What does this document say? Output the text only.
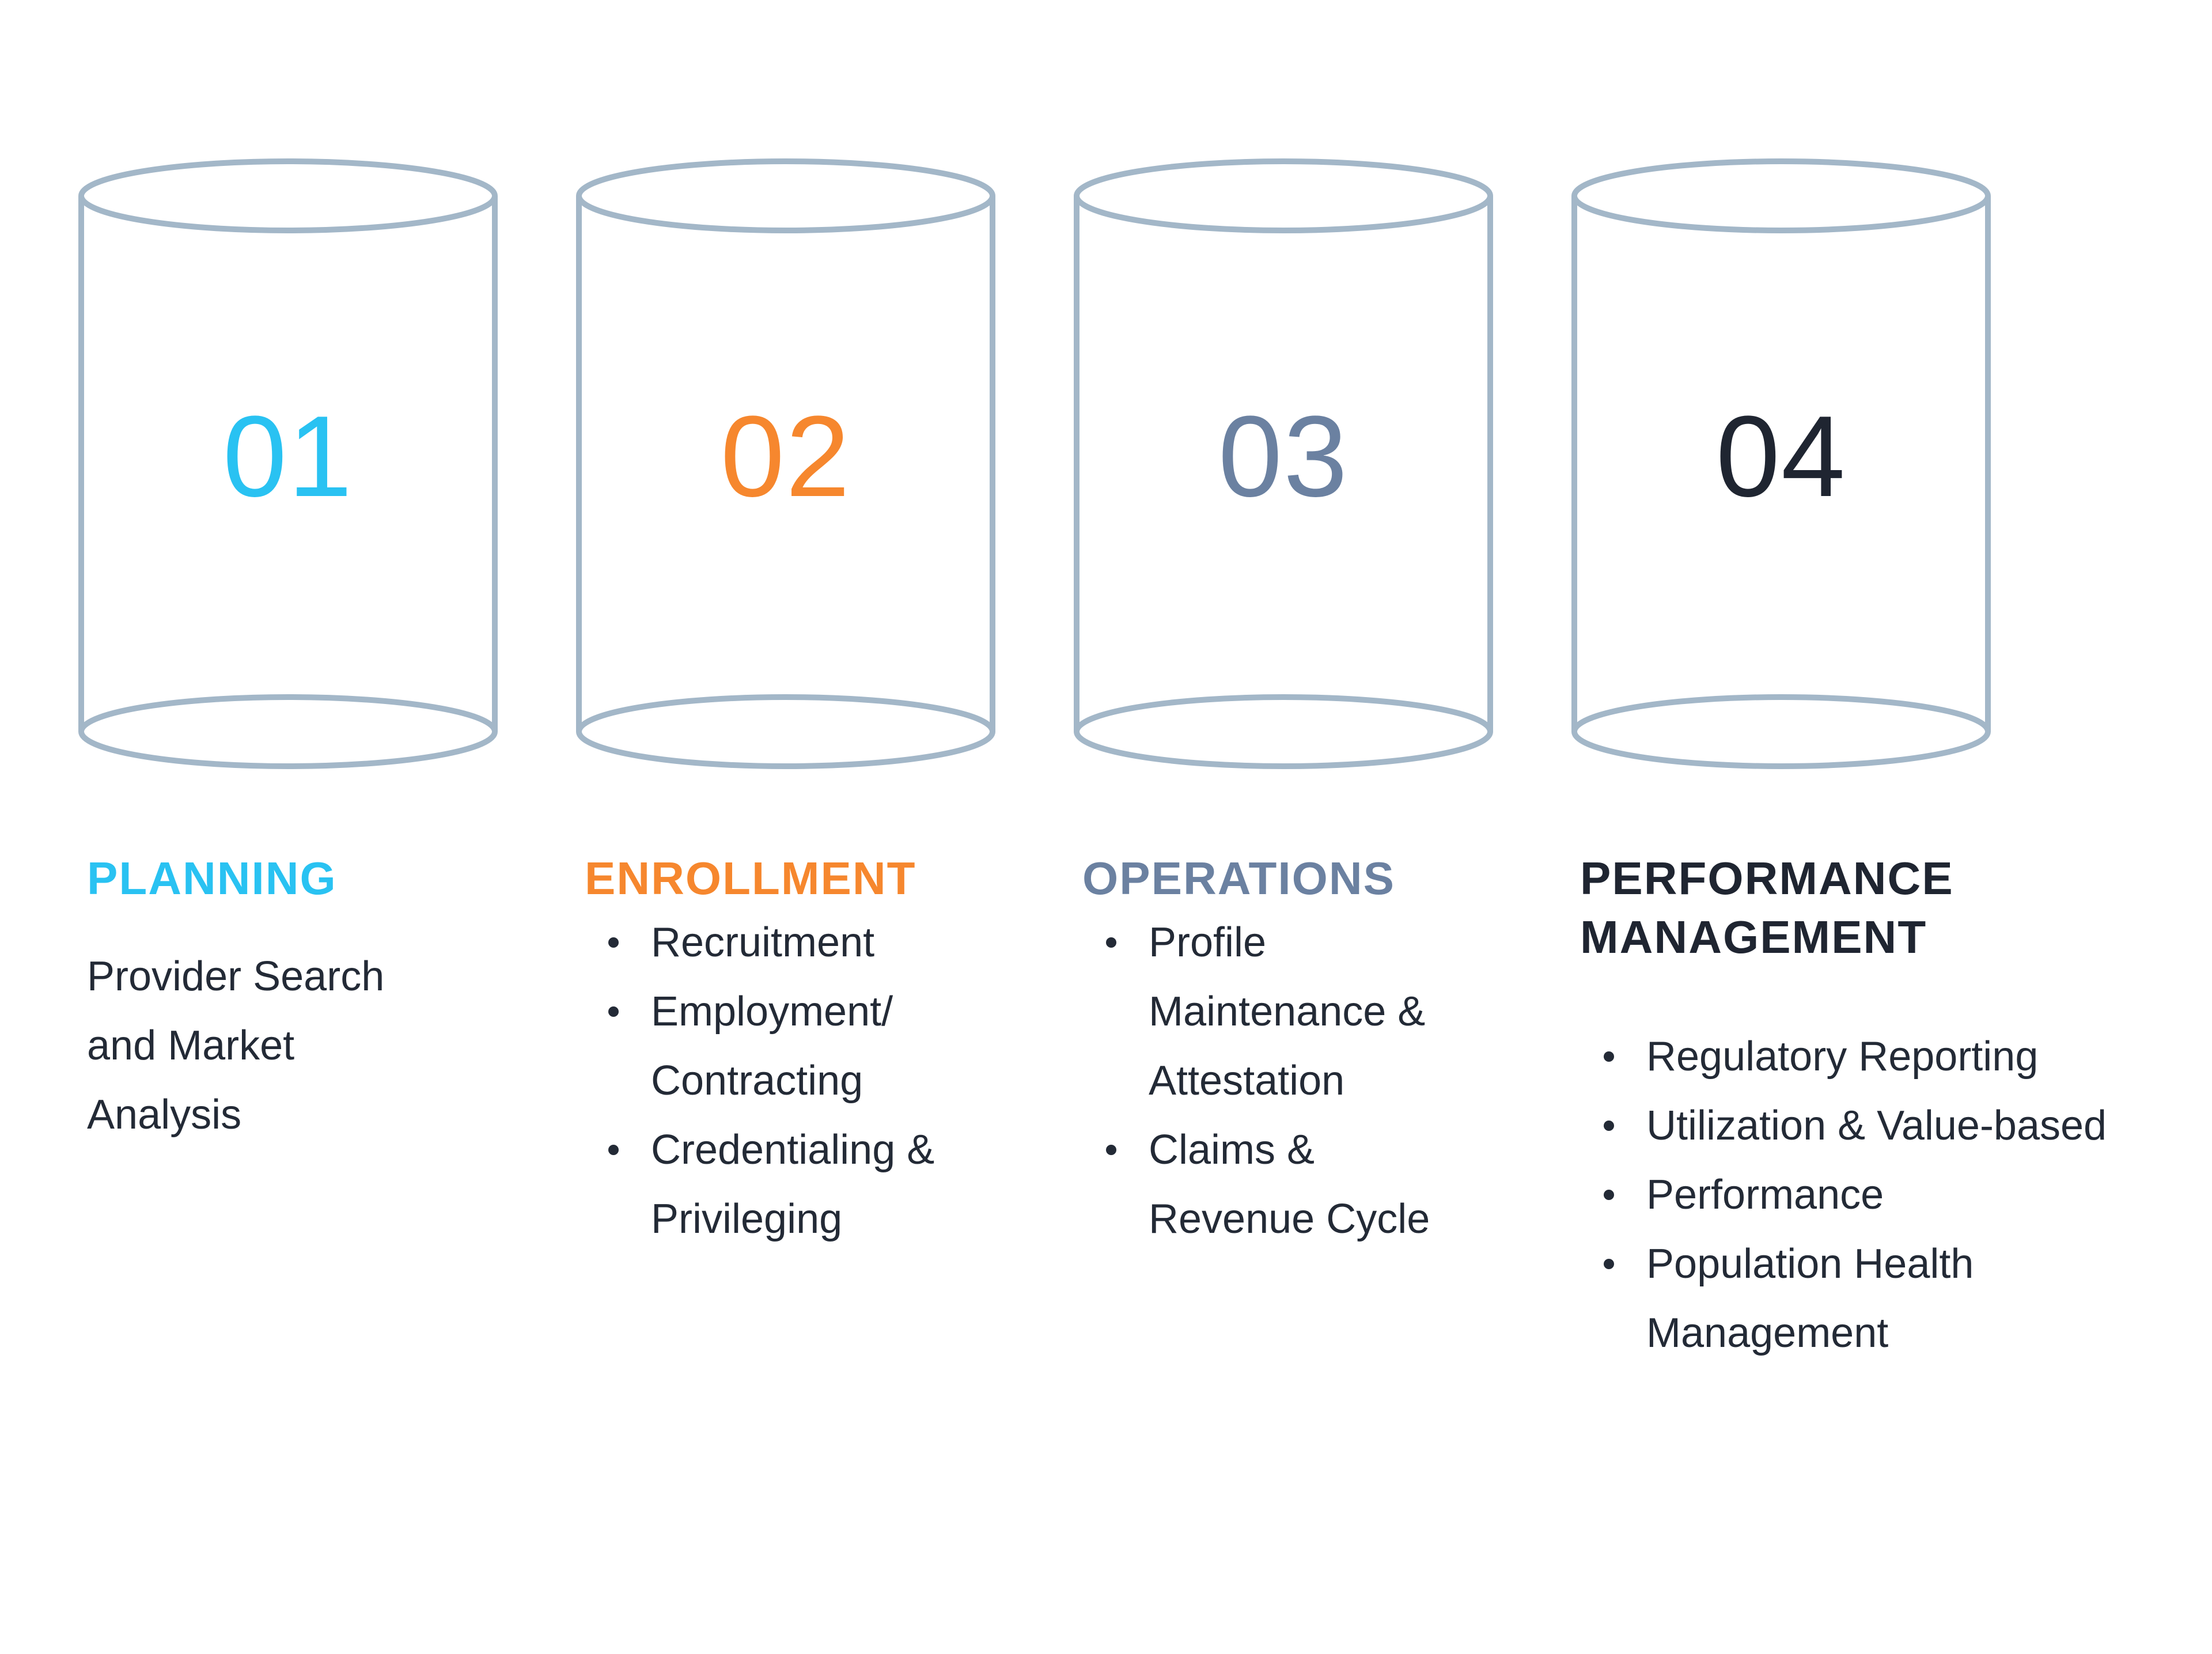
01
PLANNING
Provider Search
and Market
Analysis
02
ENROLLMENT
Recruitment
Employment/
Contracting
Credentialing &
Privileging
03
OPERATIONS
Profile
Maintenance &
Attestation
Claims &
Revenue Cycle
04
PERFORMANCE
MANAGEMENT
Regulatory Reporting
Utilization & Value-based
Performance
Population Health
Management
